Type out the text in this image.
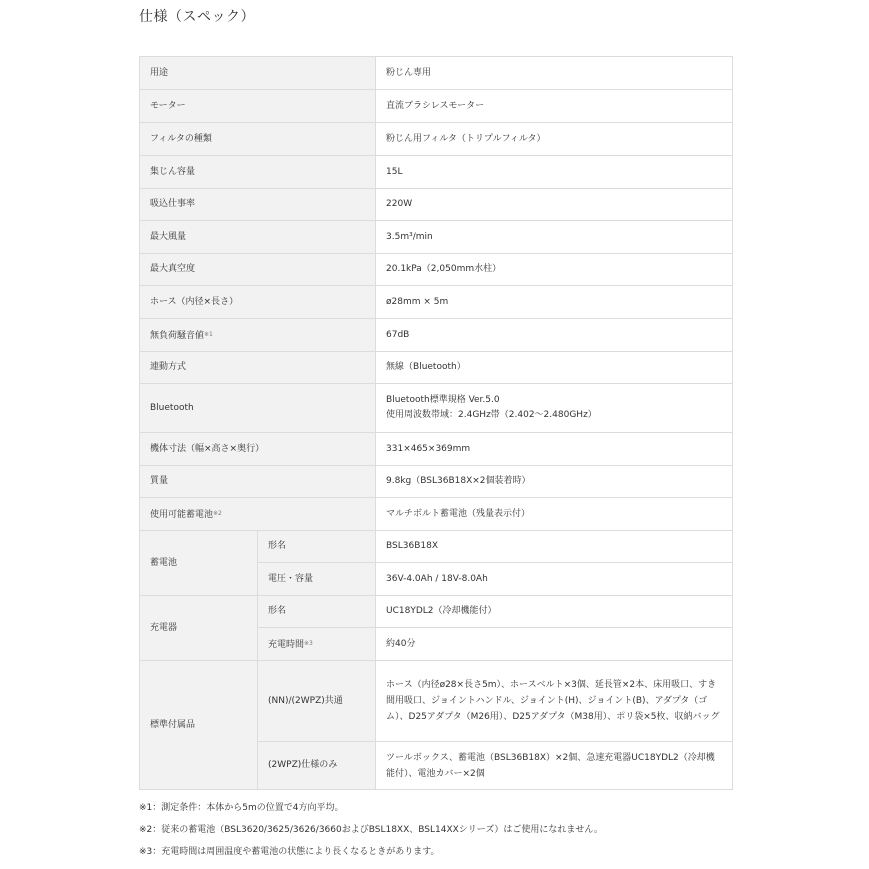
仕様（スペック）
用途		粉じん専用
モーター		直流ブラシレスモーター
フィルタの種類		粉じん用フィルタ（トリプルフィルタ）
集じん容量		15L
吸込仕事率		220W
最大風量		3.5m³/min
最大真空度		20.1kPa（2,050mm水柱）
ホース（内径×長さ）		ø28mm × 5m
無負荷騒音値$^{※1}$		67dB
連動方式		無線（Bluetooth）
Bluetooth		Bluetooth標準規格 Ver.5.0
使用周波数帯域：2.4GHz帯（2.402～2.480GHz）

機体寸法（幅×高さ×奥行）		331×465×369mm
質量		9.8kg（BSL36B18X×2個装着時）
使用可能蓄電池$^{※2}$		マルチボルト蓄電池（残量表示付）
蓄電池	形名	BSL36B18X
	電圧・容量	36V-4.0Ah / 18V-8.0Ah
充電器	形名	UC18YDL2（冷却機能付）
	充電時間$^{※3}$	約40分
標準付属品	(NN)/(2WPZ)共通	ホース（内径ø28×長さ5m）、ホースベルト×3個、延長管×2本、床用吸口、すき間用吸口、ジョイントハンドル、ジョイント(H)、ジョイント(B)、アダプタ（ゴム）、D25アダプタ（M26用）、D25アダプタ（M38用）、ポリ袋×5枚、収納バッグ
	(2WPZ)仕様のみ	ツールボックス、蓄電池（BSL36B18X）×2個、急速充電器UC18YDL2（冷却機能付）、電池カバー×2個
※1：測定条件：本体から5mの位置で4方向平均。
※2：従来の蓄電池（BSL3620/3625/3626/3660およびBSL18XX、BSL14XXシリーズ）はご使用になれません。
※3：充電時間は周囲温度や蓄電池の状態により長くなるときがあります。
